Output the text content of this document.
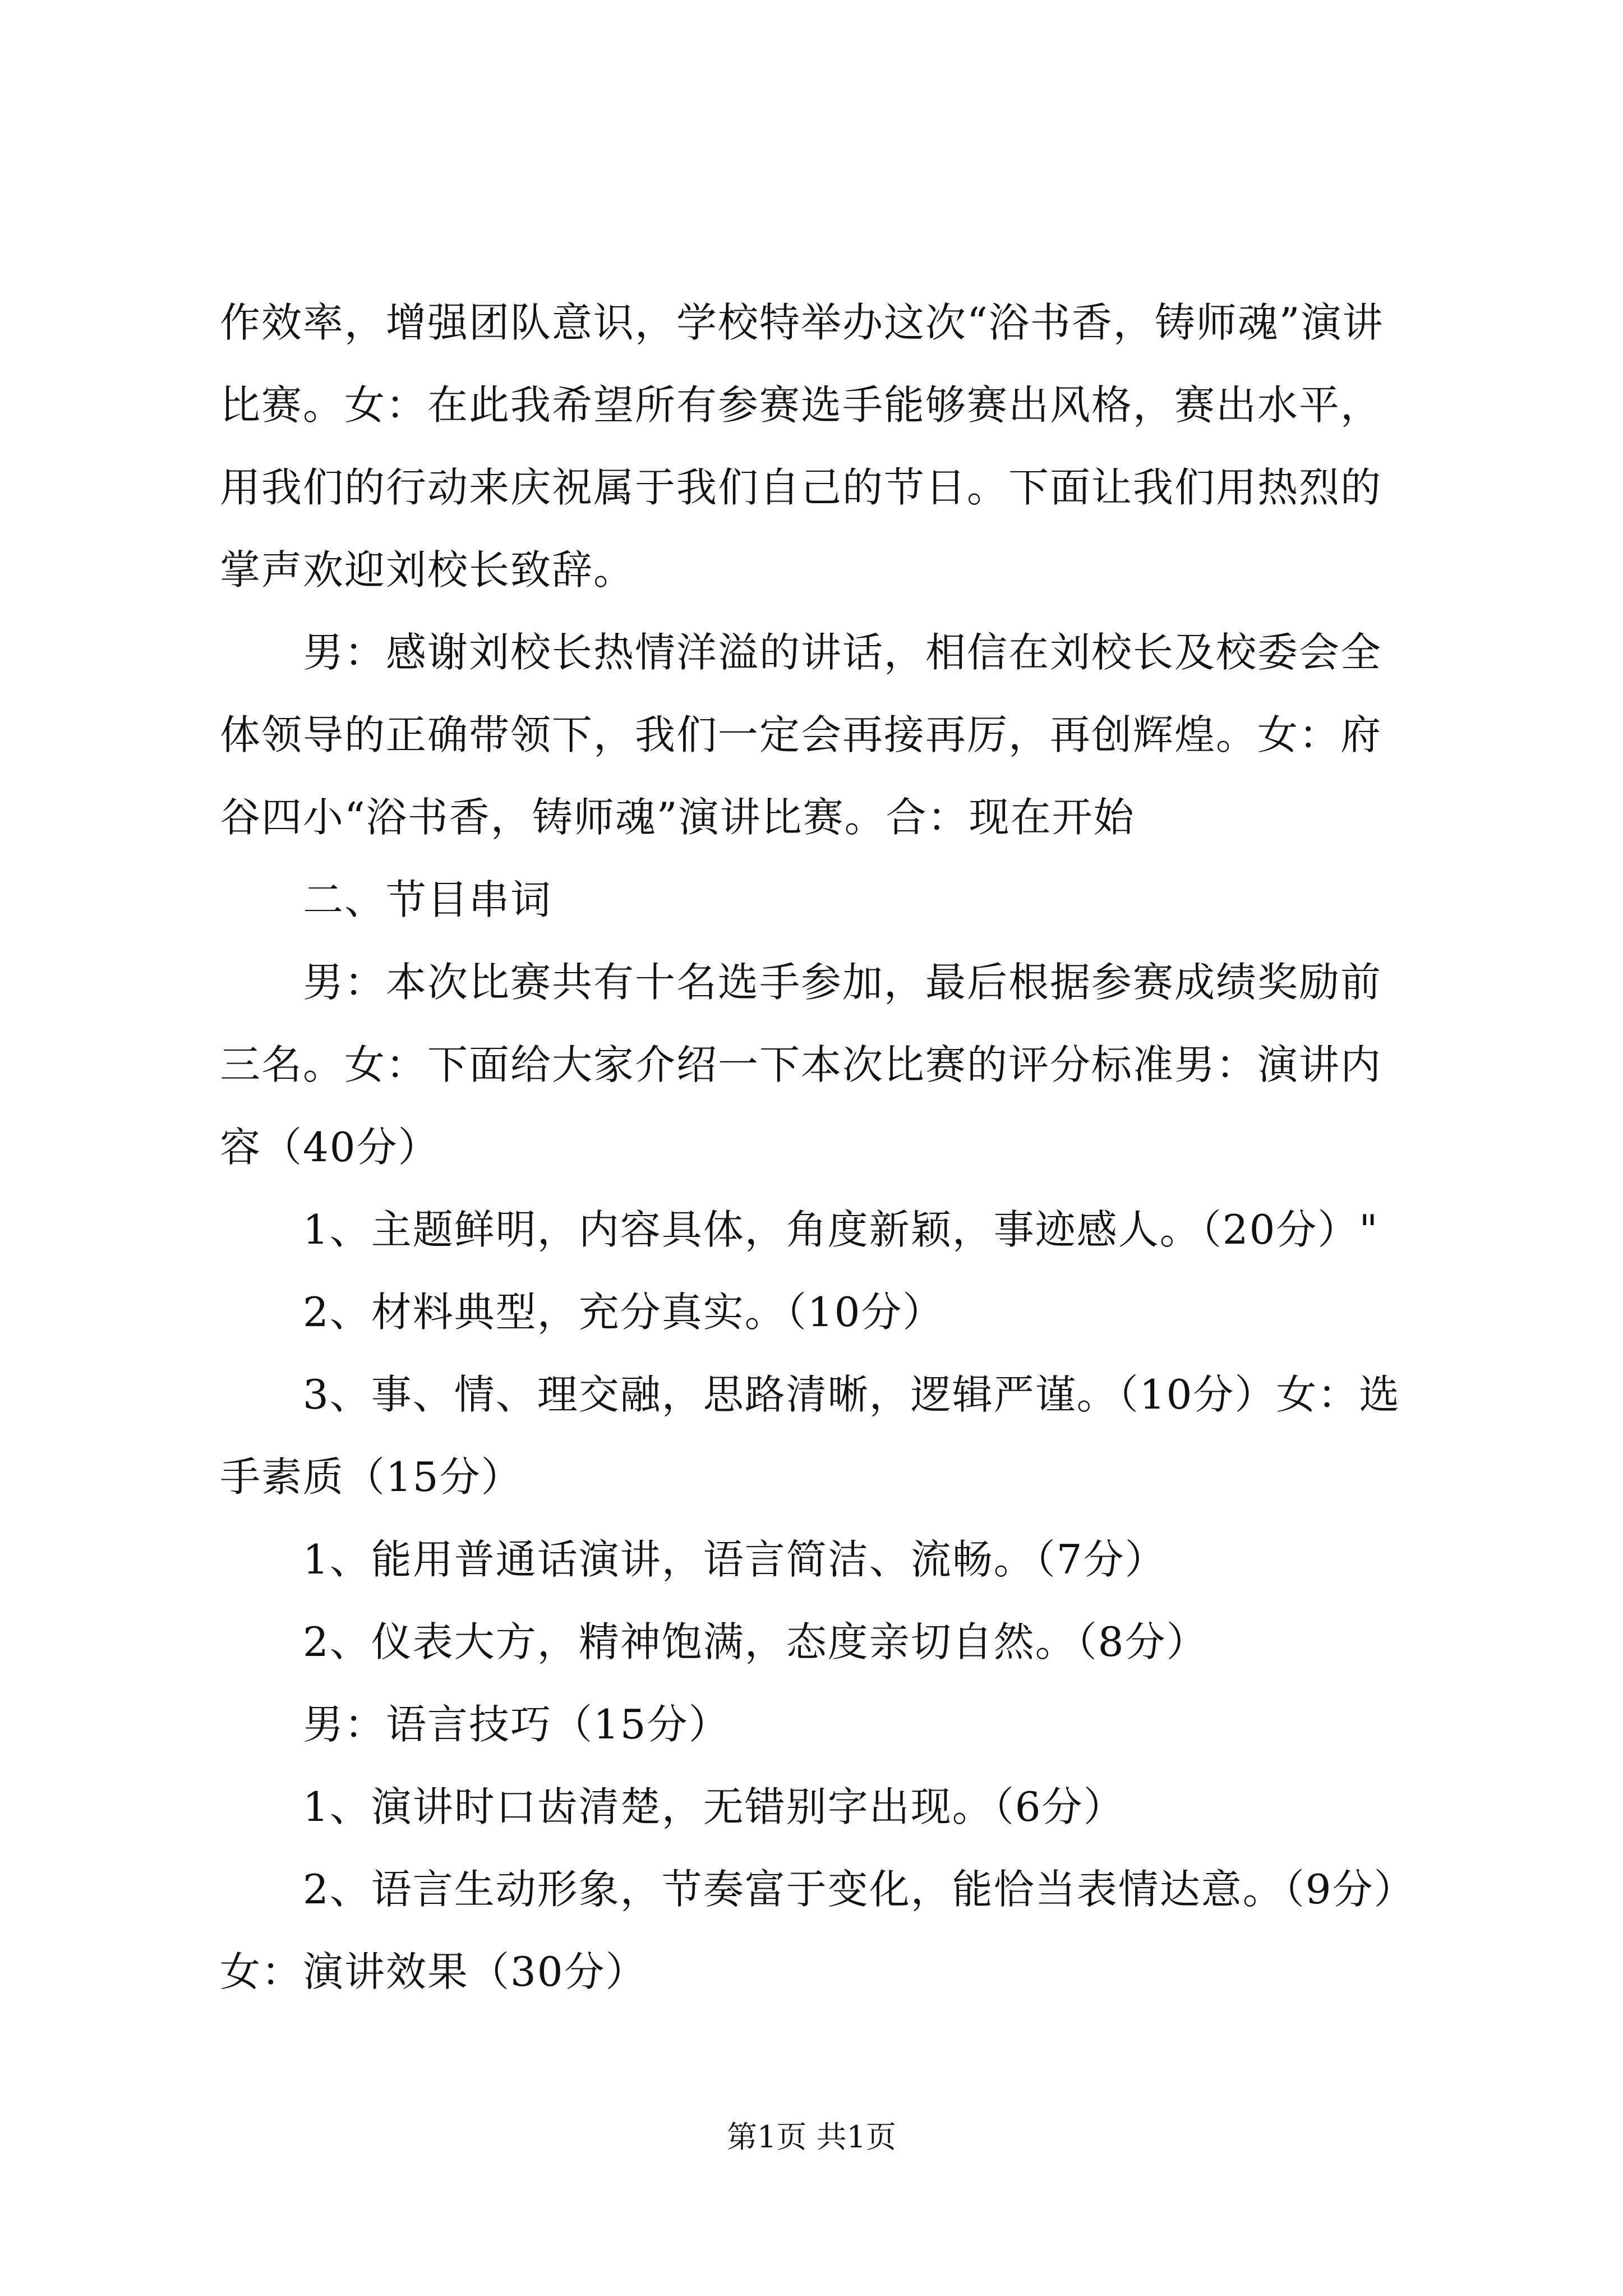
作效率，增强团队意识，学校特举办这次“浴书香，铸师魂”演讲比赛。女：在此我希望所有参赛选手能够赛出风格，赛出水平，用我们的行动来庆祝属于我们自己的节日。下面让我们用热烈的掌声欢迎刘校长致辞。

男：感谢刘校长热情洋溢的讲话，相信在刘校长及校委会全体领导的正确带领下，我们一定会再接再厉，再创辉煌。女：府谷四小“浴书香，铸师魂”演讲比赛。合：现在开始

二、节目串词

男：本次比赛共有十名选手参加，最后根据参赛成绩奖励前三名。女：下面给大家介绍一下本次比赛的评分标准男：演讲内容（40分）

1、主题鲜明，内容具体，角度新颖，事迹感人。（20分）"

2、材料典型，充分真实。（10分）

3、事、情、理交融，思路清晰，逻辑严谨。（10分）女：选手素质（15分）

1、能用普通话演讲，语言简洁、流畅。（7分）

2、仪表大方，精神饱满，态度亲切自然。（8分）

男：语言技巧（15分）

1、演讲时口齿清楚，无错别字出现。（6分）

2、语言生动形象，节奏富于变化，能恰当表情达意。（9分）女：演讲效果（30分）

第1页 共1页
